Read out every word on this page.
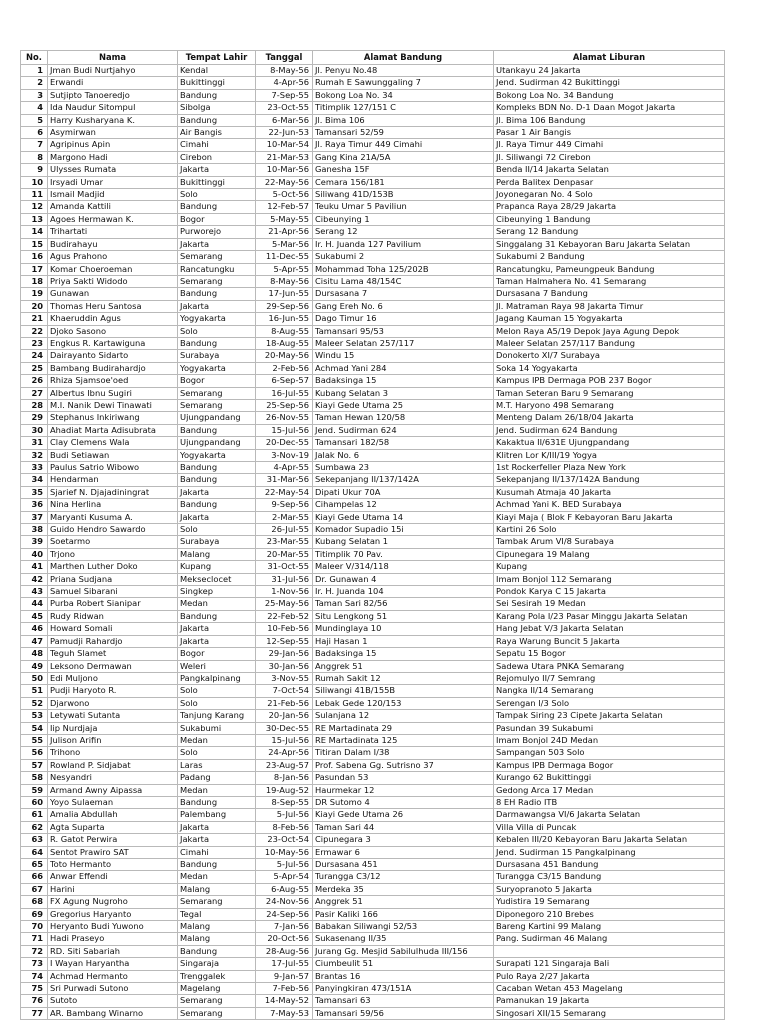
No.	Nama	Tempat Lahir	Tanggal	Alamat Bandung	Alamat Liburan
1	Jman Budi Nurtjahyo	Kendal	8-May-56	Jl. Penyu No.48	Utankayu 24 Jakarta
2	Erwandi	Bukittinggi	4-Apr-56	Rumah E Sawunggaling 7	Jend. Sudirman 42 Bukittinggi
3	Sutjipto Tanoeredjo	Bandung	7-Sep-55	Bokong Loa No. 34	Bokong Loa No. 34 Bandung
4	Ida Naudur Sitompul	Sibolga	23-Oct-55	Titimplik 127/151 C	Kompleks BDN No. D-1 Daan Mogot Jakarta
5	Harry Kusharyana K.	Bandung	6-Mar-56	Jl. Bima 106	Jl. Bima 106 Bandung
6	Asymirwan	Air Bangis	22-Jun-53	Tamansari 52/59	Pasar 1 Air Bangis
7	Agripinus Apin	Cimahi	10-Mar-54	Jl. Raya Timur 449 Cimahi	Jl. Raya Timur 449 Cimahi
8	Margono Hadi	Cirebon	21-Mar-53	Gang Kina 21A/5A	Jl. Siliwangi 72 Cirebon
9	Ulysses Rumata	Jakarta	10-Mar-56	Ganesha 15F	Benda II/14 Jakarta Selatan
10	Irsyadi Umar	Bukittinggi	22-May-56	Cemara 156/181	Perda Balitex Denpasar
11	Ismail Madjid	Solo	5-Oct-56	Siliwang 41D/153B	Joyonegaran No. 4 Solo
12	Amanda Kattili	Bandung	12-Feb-57	Teuku Umar 5 Paviliun	Prapanca Raya 28/29 Jakarta
13	Agoes Hermawan K.	Bogor	5-May-55	Cibeunying 1	Cibeunying 1 Bandung
14	Trihartati	Purworejo	21-Apr-56	Serang 12	Serang 12 Bandung
15	Budirahayu	Jakarta	5-Mar-56	Ir. H. Juanda 127 Pavilium	Singgalang 31 Kebayoran Baru Jakarta Selatan
16	Agus Prahono	Semarang	11-Dec-55	Sukabumi 2	Sukabumi 2 Bandung
17	Komar Choeroeman	Rancatungku	5-Apr-55	Mohammad Toha 125/202B	Rancatungku, Pameungpeuk Bandung
18	Priya Sakti Widodo	Semarang	8-May-56	Cisitu Lama 48/154C	Taman Halmahera No. 41 Semarang
19	Gunawan	Bandung	17-Jun-55	Dursasana 7	Dursasana 7 Bandung
20	Thomas Heru Santosa	Jakarta	29-Sep-56	Gang Ereh No. 6	Jl. Matraman Raya 98 Jakarta Timur
21	Khaeruddin Agus	Yogyakarta	16-Jun-55	Dago Timur 16	Jagang Kauman 15 Yogyakarta
22	Djoko Sasono	Solo	8-Aug-55	Tamansari 95/53	Melon Raya A5/19 Depok Jaya Agung Depok
23	Engkus R. Kartawiguna	Bandung	18-Aug-55	Maleer Selatan 257/117	Maleer Selatan 257/117 Bandung
24	Dairayanto Sidarto	Surabaya	20-May-56	Windu 15	Donokerto XI/7 Surabaya
25	Bambang Budirahardjo	Yogyakarta	2-Feb-56	Achmad Yani 284	Soka 14 Yogyakarta
26	Rhiza Sjamsoe'oed	Bogor	6-Sep-57	Badaksinga 15	Kampus IPB Dermaga POB 237 Bogor
27	Albertus Ibnu Sugiri	Semarang	16-Jul-55	Kubang Selatan 3	Taman Seteran Baru 9 Semarang
28	M.I. Nanik Dewi Tinawati	Semarang	25-Sep-56	Kiayi Gede Utama 25	M.T. Haryono 498 Semarang
29	Stephanus Inkiriwang	Ujungpandang	26-Nov-55	Taman Hewan 120/58	Menteng Dalam 26/18/04 Jakarta
30	Ahadiat Marta Adisubrata	Bandung	15-Jul-56	Jend. Sudirman 624	Jend. Sudirman 624 Bandung
31	Clay Clemens Wala	Ujungpandang	20-Dec-55	Tamansari 182/58	Kakaktua II/631E Ujungpandang
32	Budi Setiawan	Yogyakarta	3-Nov-19	Jalak No. 6	Klitren Lor K/III/19 Yogya
33	Paulus Satrio Wibowo	Bandung	4-Apr-55	Sumbawa 23	1st Rockerfeller Plaza New York
34	Hendarman	Bandung	31-Mar-56	Sekepanjang II/137/142A	Sekepanjang II/137/142A Bandung
35	Sjarief N. Djajadiningrat	Jakarta	22-May-54	Dipati Ukur 70A	Kusumah Atmaja 40 Jakarta
36	Nina Herlina	Bandung	9-Sep-56	Cihampelas 12	Achmad Yani K. BED Surabaya
37	Maryanti Kusuma A.	Jakarta	2-Mar-55	Kiayi Gede Utama 14	Kiayi Maja ( Blok F Kebayoran Baru Jakarta
38	Guido Hendro Sawardo	Solo	26-Jul-55	Komador Supadio 15i	Kartini 26 Solo
39	Soetarmo	Surabaya	23-Mar-55	Kubang Selatan 1	Tambak Arum VI/8 Surabaya
40	Trjono	Malang	20-Mar-55	Titimplik 70 Pav.	Cipunegara 19 Malang
41	Marthen Luther Doko	Kupang	31-Oct-55	Maleer V/314/118	Kupang
42	Priana Sudjana	Mekseclocet	31-Jul-56	Dr. Gunawan 4	Imam Bonjol 112 Semarang
43	Samuel Sibarani	Singkep	1-Nov-56	Ir. H. Juanda 104	Pondok Karya C 15 Jakarta
44	Purba Robert Sianipar	Medan	25-May-56	Taman Sari 82/56	Sei Sesirah 19 Medan
45	Rudy Ridwan	Bandung	22-Feb-52	Situ Lengkong 51	Karang Pola I/23 Pasar Minggu Jakarta Selatan
46	Howard Somali	Jakarta	10-Feb-56	Mundinglaya 10	Hang Jebat V/3 Jakarta Selatan
47	Pamudji Rahardjo	Jakarta	12-Sep-55	Haji Hasan 1	Raya Warung Buncit 5 Jakarta
48	Teguh Slamet	Bogor	29-Jan-56	Badaksinga 15	Sepatu 15 Bogor
49	Leksono Dermawan	Weleri	30-Jan-56	Anggrek 51	Sadewa Utara PNKA Semarang
50	Edi Muljono	Pangkalpinang	3-Nov-55	Rumah Sakit 12	Rejomulyo II/7 Semrang
51	Pudji Haryoto R.	Solo	7-Oct-54	Siliwangi 41B/155B	Nangka II/14 Semarang
52	Djarwono	Solo	21-Feb-56	Lebak Gede 120/153	Serengan I/3 Solo
53	Letywati Sutanta	Tanjung Karang	20-Jan-56	Sulanjana 12	Tampak Siring 23 Cipete Jakarta Selatan
54	Iip Nurdjaja	Sukabumi	30-Dec-55	RE Martadinata 29	Pasundan 39 Sukabumi
55	Julison Arifin	Medan	15-Jul-56	RE Martadinata 125	Imam Bonjol 24D Medan
56	Trihono	Solo	24-Apr-56	Titiran Dalam I/38	Sampangan 503 Solo
57	Rowland P. Sidjabat	Laras	23-Aug-57	Prof. Sabena Gg. Sutrisno 37	Kampus IPB Dermaga Bogor
58	Nesyandri	Padang	8-Jan-56	Pasundan 53	Kurango 62 Bukittinggi
59	Armand Awny Aipassa	Medan	19-Aug-52	Haurmekar 12	Gedong Arca 17 Medan
60	Yoyo Sulaeman	Bandung	8-Sep-55	DR Sutomo 4	8 EH Radio ITB
61	Amalia Abdullah	Palembang	5-Jul-56	Kiayi Gede Utama 26	Darmawangsa VI/6 Jakarta Selatan
62	Agta Suparta	Jakarta	8-Feb-56	Taman Sari 44	Villa Villa di Puncak
63	R. Gatot Perwira	Jakarta	23-Oct-54	Cipunegara 3	Kebalen III/20 Kebayoran Baru Jakarta Selatan
64	Sentot Prawiro SAT	Cimahi	10-May-56	Ermawar 6	Jend. Sudirman 15 Pangkalpinang
65	Toto Hermanto	Bandung	5-Jul-56	Dursasana 451	Dursasana 451 Bandung
66	Anwar Effendi	Medan	5-Apr-54	Turangga C3/12	Turangga C3/15 Bandung
67	Harini	Malang	6-Aug-55	Merdeka 35	Suryopranoto 5 Jakarta
68	FX Agung Nugroho	Semarang	24-Nov-56	Anggrek 51	Yudistira 19 Semarang
69	Gregorius Haryanto	Tegal	24-Sep-56	Pasir Kaliki 166	Diponegoro 210 Brebes
70	Heryanto Budi Yuwono	Malang	7-Jan-56	Babakan Siliwangi 52/53	Bareng Kartini 99 Malang
71	Hadi Praseyo	Malang	20-Oct-56	Sukasenang II/35	Pang. Sudirman 46 Malang
72	RD. Siti Sabariah	Bandung	28-Aug-56	Jurang Gg. Mesjid Sabilulhuda III/156	
73	I Wayan Haryantha	Singaraja	17-Jul-55	Ciumbeulit 51	Surapati 121 Singaraja Bali
74	Achmad Hermanto	Trenggalek	9-Jan-57	Brantas 16	Pulo Raya 2/27 Jakarta
75	Sri Purwadi Sutono	Magelang	7-Feb-56	Panyingkiran 473/151A	Cacaban Wetan 453 Magelang
76	Sutoto	Semarang	14-May-52	Tamansari 63	Pamanukan 19 Jakarta
77	AR. Bambang Winarno	Semarang	7-May-53	Tamansari 59/56	Singosari XII/15 Semarang
